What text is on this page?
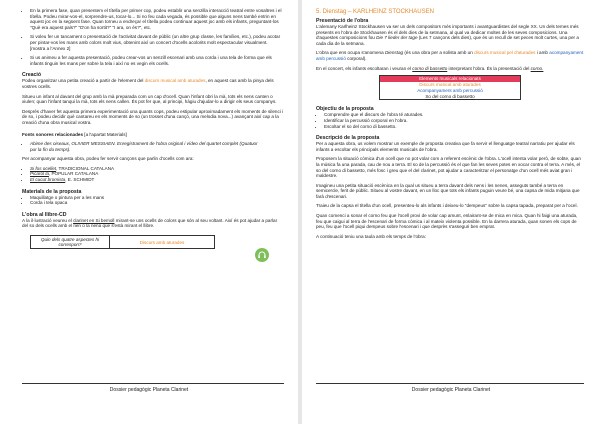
• En la primera fase, quan presentem el títella per primer cop, podeu establir una senzilla interacció teatral entre vosaltres i el títella. Podeu mirar-vos-el, sorprendre-us, tocar-lo... Si no feu cada vegada, és possible que alguns nens també entrin en aquest joc en la següent fase. Quan torneu a endreçar el títella podeu continuar aquest joc amb els infants, preguntant-los "Què era aquest pals?" "D'on ha sortit?" "I ara, on és?", etc.
• Si voleu fer un tancament o presentació de l'activitat davant de públic (un altre grup classe, les famílies, etc.), podeu acotar per pintar-vos les mans amb colors molt vius, obtenint així un concert d'ocells acolorits molt espectacular visualment. [mostra a l'Annex 2]
• Si us animeu a fer aquesta presentació, podeu crear-vos un senzill escenari amb una corda i una tela de forma que els infants tinguin les mans per sobre la tela i així no es vegin els ocells.
Creació

Podeu organitzar una petita creació a partir de l'element del discurs musical amb aturades, en aquest cas amb la pinya dels vostres ocells.

Situeu un infant al davant del grup amb la mà preparada com un cap d'ocell. Quan l'infant obri la mà, tots els nens canten o xiulen; quan l'infant tanqui la mà, tots els nens callen. És pot fer que, al principi, hàgiu d'ajudar-lo a dirigir els seus companys.

Després d'haver fet aquesta primera experimentació una quants cops, podeu estipular aproximadament els moments de silenci i de so, i podeu decidir què cantareu en els moments de so (un trosset d'una cançó, una melodia nova...) avançant així cap a la creació d'una obra musical vostra.

Fonts sonores relacionades [a l'apartat Materials]

• Abime des oiseaux, OLIVIER MESSIAEN. Enregistrament de l'obra original i vídeo del quartet complet (Quatuor pur la fin du temps).

Per acompanyar aquesta obra, podeu fer servir cançons que parlin d'ocells com ara:

• Si fos ocellet, TRADICIONAL CATALANA
• Picarol la, POPULAR CATALANA
• El cucut bromista, E. SCHMIDT
Materials de la proposta
• Maquillatge o pintura per a les mans
• Corda i tela opaca
L'obra al llibre-CD

A la il·lustració veureu el clarinet en Si bemoll mirant-se uns ocells de colors que són al seu voltant. Així és pot ajudar a parlar del so dels ocells amb el nen o la nena que s'està mirant el llibre.

Quin dels quatre aspectes hi correspon?	Discurs amb aturades
Dossier pedagògic Planeta Clarinet
5. Dienstag – KARLHEINZ STOCKHAUSEN
Presentació de l'obra

L'alemany Karlheinz Stockhausen va ser un dels compositors més importants i avantguardistes del segle XX. Un dels temes més presents en l'obra de Stockhausen és el dels dies de la setmana, al qual va dedicar moltes de les seves composicions. Una d'aquestes composicions fou Die 7 lieder der tage (Les 7 cançons dels dies), que és un recull de set peces molt curtes, una per a cada dia de la setmana.

L'obra que ens ocupa s'anomena Dienstag (és una obra per a solista amb un discurs musical pel d'aturades i amb acompanyament amb percussió corporal).

En el concert, els infants escoltaran i veuran el corno di bassetto interpretant l'obra. És la presentació del corno.

Elements musicals relacionats
Discurs musical amb aturades
Acompanyament amb percussió
So del corno di bassetto
Objectiu de la proposta
• Comprendre que el discurs de l'obra té aturades.
• Identificar la percussió corporal en l'obra.
• Escoltar el so del corno di bassetto.
Descripció de la proposta

Per a aquesta obra, us volem mostrar un exemple de proposta creativa que fa servir el llenguatge teatral narratiu per ajudar els infants a escoltar els principals elements musicals de l'obra.

Proposem la situació còmica d'un ocell que no pot volar com a referent escènic de l'obra. L'ocell intenta volar però, de sobte, quan la música fa una parada, cau de nou a terra. El so de la percussió és el que fan les seves potes en xocar contra el terra. A més, el so del corno di bassetto, més fosc i greu que el del clarinet, pot ajudar a caracteritzar el personatge d'un ocell més aviat gran i maldestre.

Imagineu una petita situació escènica en la qual us situeu a terra davant dels nens i les nenes, asseguts també a terra en semicercle, ferit de públic. Situeu al vostre davant, en un lloc que tots els infants puguin veure bé, una capsa de mida mitjana que farà d'escenari.

Traieu de la capsa el títella d'un ocell, presenteu-lo als infants i deixeu-lo "dempeus" sobre la capsa tapada, preparat per a l'ocel.

Quan comenci a sonar el corno feu que l'ocell provi de volar cap amunt, enlairant-se de mica en mica. Quan hi faigi una aturada, feu que caigui al terra de l'escenari de forma còmica i al mateix violenta possible. En la darrera aturada, quan sonen els cops de peu, feu que l'ocell piqui dempeus sobre l'escenari i que desprès s'asseguri ben emprat.

A continuació teniu una taula amb els temps de l'obra:

Dossier pedagògic Planeta Clarinet
